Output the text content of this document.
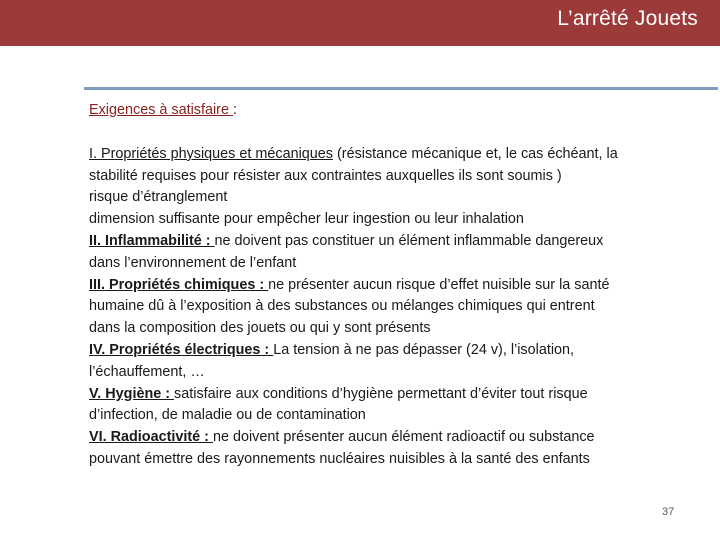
L’arrêté Jouets
Exigences à satisfaire :
I. Propriétés physiques et mécaniques (résistance mécanique et, le cas échéant, la
stabilité requises pour résister aux contraintes auxquelles ils sont soumis )
risque d’étranglement
dimension suffisante pour empêcher leur ingestion ou leur inhalation
II. Inflammabilité : ne doivent pas constituer un élément inflammable dangereux
dans l’environnement de l’enfant
III. Propriétés chimiques : ne présenter aucun risque d’effet nuisible sur la santé
humaine dû à l’exposition à des substances ou mélanges chimiques qui entrent
dans la composition des jouets ou qui y sont présents
IV. Propriétés électriques : La tension à ne pas dépasser (24 v), l’isolation,
l’échauffement, …
V. Hygiène : satisfaire aux conditions d’hygiène permettant d’éviter tout risque
d’infection, de maladie ou de contamination
VI. Radioactivité : ne doivent présenter aucun élément radioactif ou substance
pouvant émettre des rayonnements nucléaires nuisibles à la santé des enfants
37
